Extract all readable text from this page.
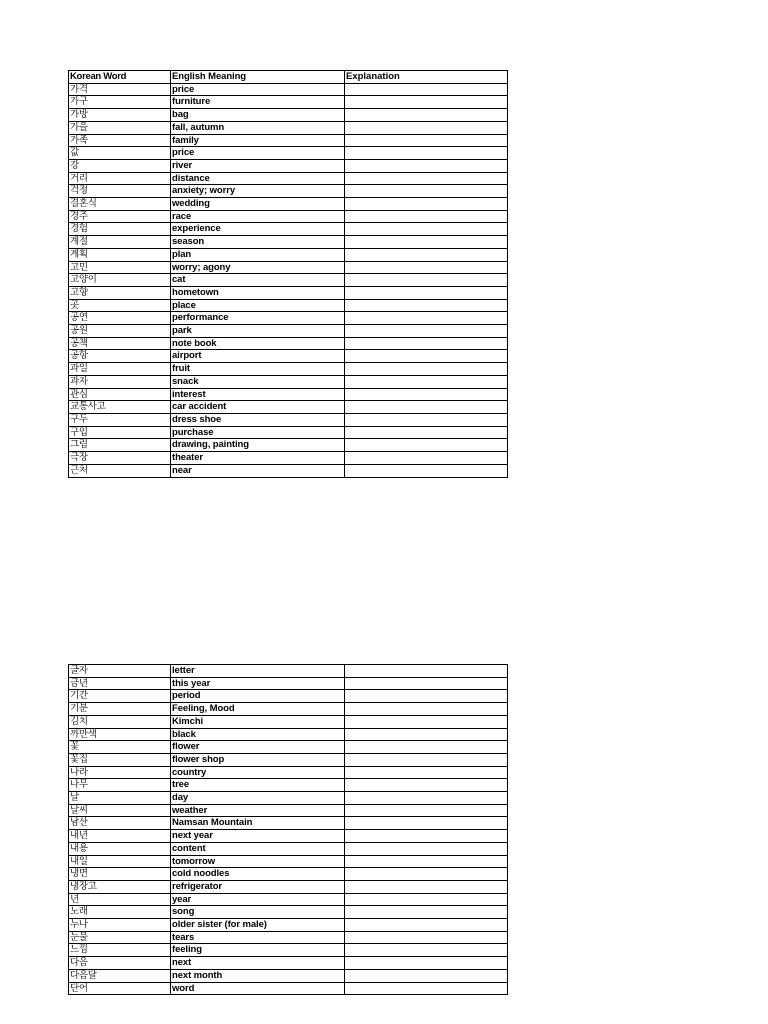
Korean Word	English Meaning	Explanation
가격	price	
가구	furniture	
가방	bag	
가을	fall, autumn	
가족	family	
값	price	
강	river	
거리	distance	
걱정	anxiety; worry	
결혼식	wedding	
경주	race	
경험	experience	
계절	season	
계획	plan	
고민	worry; agony	
고양이	cat	
고향	hometown	
곳	place	
공연	performance	
공원	park	
공책	note book	
공항	airport	
과일	fruit	
과자	snack	
관심	interest	
교통사고	car accident	
구두	dress shoe	
구입	purchase	
그림	drawing, painting	
극장	theater	
근처	near	
글자	letter	
금년	this year	
기간	period	
기분	Feeling, Mood	
김치	Kimchi	
까만색	black	
꽃	flower	
꽃집	flower shop	
나라	country	
나무	tree	
날	day	
날씨	weather	
남산	Namsan Mountain	
내년	next year	
내용	content	
내일	tomorrow	
냉면	cold noodles	
냉장고	refrigerator	
년	year	
노래	song	
누나	older sister (for male)	
눈물	tears	
느낌	feeling	
다음	next	
다음달	next month	
단어	word	
